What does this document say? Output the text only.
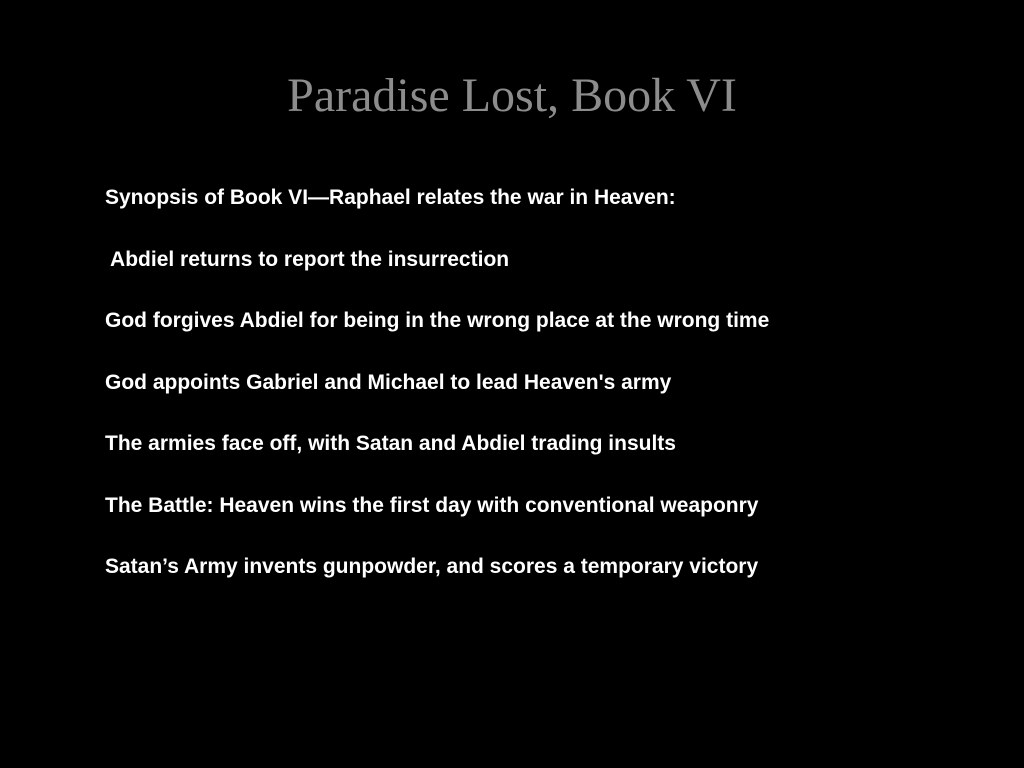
Paradise Lost, Book VI
Synopsis of Book VI—Raphael relates the war in Heaven:
Abdiel returns to report the insurrection
God forgives Abdiel for being in the wrong place at the wrong time
God appoints Gabriel and Michael to lead Heaven's army
The armies face off, with Satan and Abdiel trading insults
The Battle: Heaven wins the first day with conventional weaponry
Satan’s Army invents gunpowder, and scores a temporary victory
